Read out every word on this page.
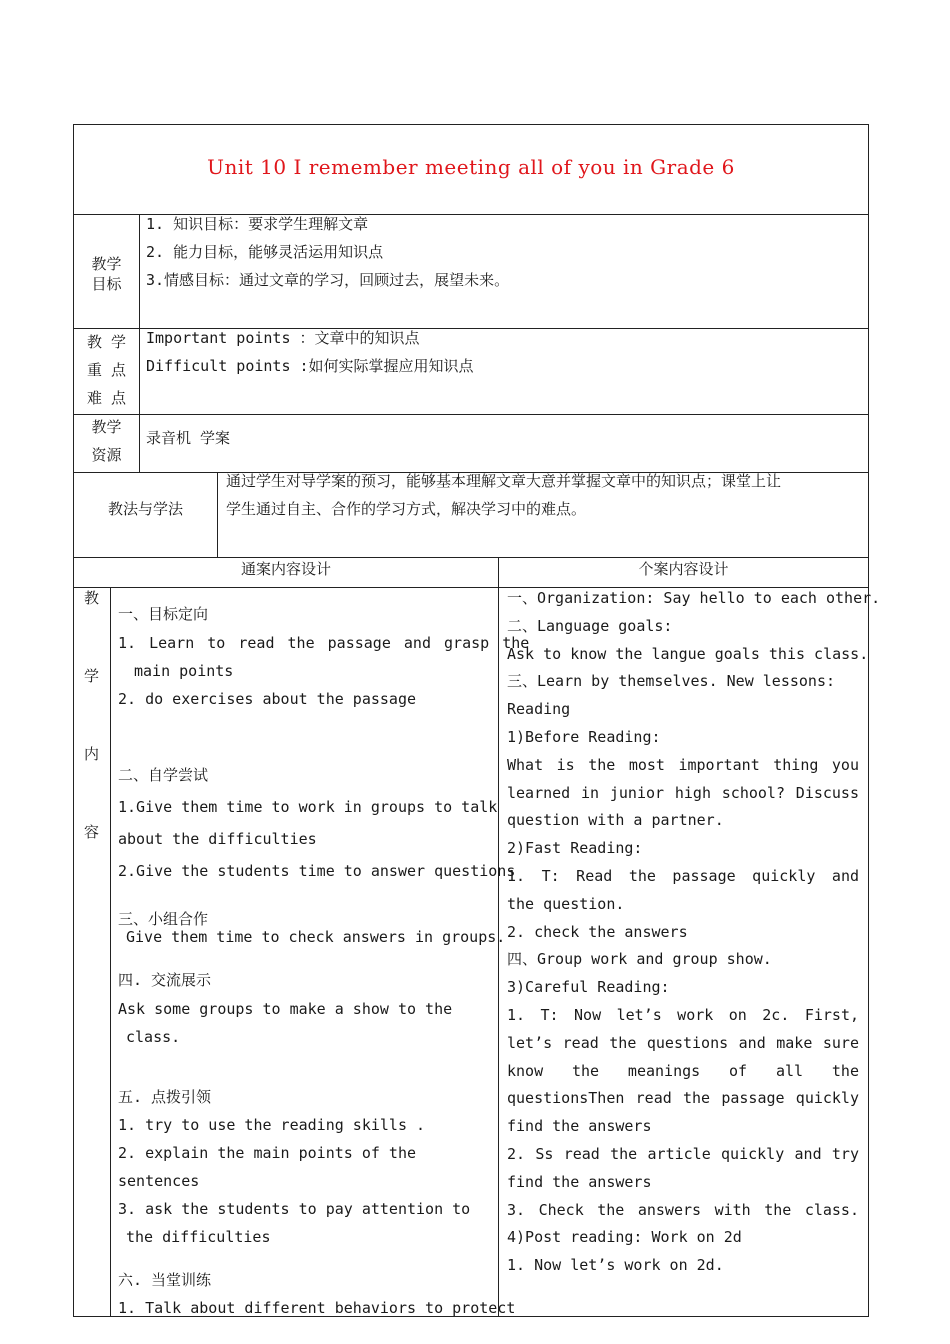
Unit 10 I remember meeting all of you in Grade 6
教学
目标
1. 知识目标：要求学生理解文章
2. 能力目标，能够灵活运用知识点
3.情感目标：通过文章的学习，回顾过去，展望未来。
教 学
重 点
难 点
Important points ：文章中的知识点
Difficult points :如何实际掌握应用知识点
教学
资源
录音机 学案
教法与学法
通过学生对导学案的预习，能够基本理解文章大意并掌握文章中的知识点；课堂上让
学生通过自主、合作的学习方式，解决学习中的难点。
通案内容设计	个案内容设计
教
学
内
容
一、目标定向
1. Learn to read the passage and grasp the
main points
2. do exercises about the passage
二、自学尝试
1.Give them time to work in groups to talk
about the difficulties
2.Give the students time to answer questions
三、小组合作
Give them time to check answers in groups.
四. 交流展示
Ask some groups to make a show to the
class.
五. 点拨引领
1. try to use the reading skills .
2. explain the main points of the
sentences
3. ask the students to pay attention to
the difficulties
六. 当堂训练
1. Talk about different behaviors to protect
一、Organization: Say hello to each other.
二、Language goals:
Ask to know the langue goals this class.
三、Learn by themselves. New lessons:
Reading
1)Before Reading:
What is the most important thing you
learned in junior high school? Discuss
question with a partner.
2)Fast Reading:
1. T: Read the passage quickly and
the question.
2. check the answers
四、Group work and group show.
3)Careful Reading:
1. T: Now let’s work on 2c. First,
let’s read the questions and make sure
know the meanings of all the
questionsThen read the passage quickly
find the answers
2. Ss read the article quickly and try
find the answers
3. Check the answers with the class.
4)Post reading: Work on 2d
1. Now let’s work on 2d.
